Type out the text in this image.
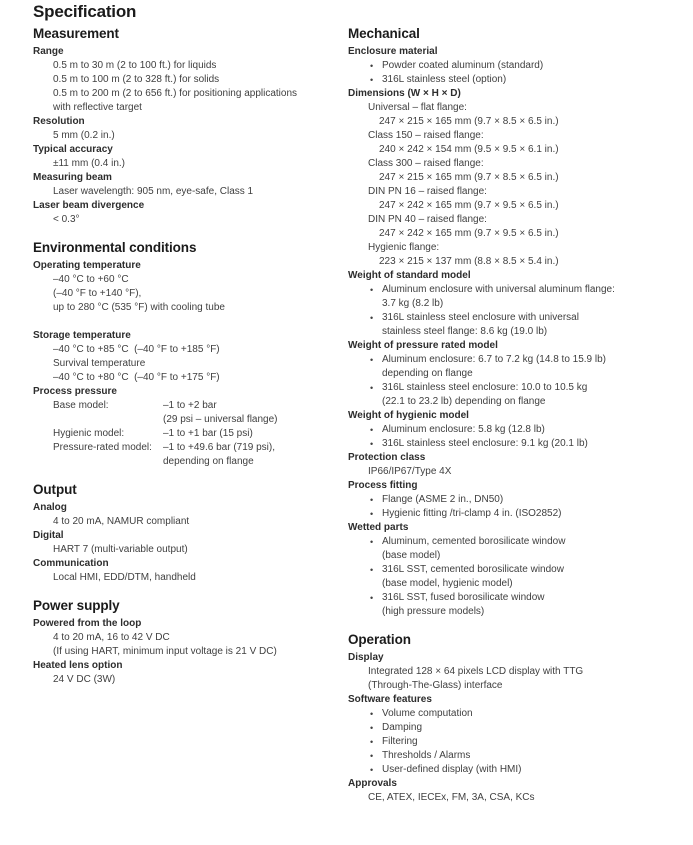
Specification
Measurement
Range
0.5 m to 30 m (2 to 100 ft.) for liquids
0.5 m to 100 m (2 to 328 ft.) for solids
0.5 m to 200 m (2 to 656 ft.) for positioning applications
with reflective target
Resolution
5 mm (0.2 in.)
Typical accuracy
±11 mm (0.4 in.)
Measuring beam
Laser wavelength: 905 nm, eye-safe, Class 1
Laser beam divergence
< 0.3°
Environmental conditions
Operating temperature
–40 °C to +60 °C
(–40 °F to +140 °F),
up to 280 °C (535 °F) with cooling tube
Storage temperature
–40 °C to +85 °C  (–40 °F to +185 °F)
Survival temperature
–40 °C to +80 °C  (–40 °F to +175 °F)
Process pressure
Base model:	–1 to +2 bar
(29 psi – universal flange)
Hygienic model:	–1 to +1 bar (15 psi)
Pressure-rated model:	–1 to +49.6 bar (719 psi),
depending on flange
Output
Analog
4 to 20 mA, NAMUR compliant
Digital
HART 7 (multi-variable output)
Communication
Local HMI, EDD/DTM, handheld
Power supply
Powered from the loop
4 to 20 mA, 16 to 42 V DC
(If using HART, minimum input voltage is 21 V DC)
Heated lens option
24 V DC (3W)
Mechanical
Enclosure material
• Powder coated aluminum (standard)
• 316L stainless steel (option)
Dimensions (W × H × D)
Universal – flat flange:
247 × 215 × 165 mm (9.7 × 8.5 × 6.5 in.)
Class 150 – raised flange:
240 × 242 × 154 mm (9.5 × 9.5 × 6.1 in.)
Class 300 – raised flange:
247 × 215 × 165 mm (9.7 × 8.5 × 6.5 in.)
DIN PN 16 – raised flange:
247 × 242 × 165 mm (9.7 × 9.5 × 6.5 in.)
DIN PN 40 – raised flange:
247 × 242 × 165 mm (9.7 × 9.5 × 6.5 in.)
Hygienic flange:
223 × 215 × 137 mm (8.8 × 8.5 × 5.4 in.)
Weight of standard model
• Aluminum enclosure with universal aluminum flange:
3.7 kg (8.2 lb)
• 316L stainless steel enclosure with universal
stainless steel flange: 8.6 kg (19.0 lb)
Weight of pressure rated model
• Aluminum enclosure: 6.7 to 7.2 kg (14.8 to 15.9 lb)
depending on flange
• 316L stainless steel enclosure: 10.0 to 10.5 kg
(22.1 to 23.2 lb) depending on flange
Weight of hygienic model
• Aluminum enclosure: 5.8 kg (12.8 lb)
• 316L stainless steel enclosure: 9.1 kg (20.1 lb)
Protection class
IP66/IP67/Type 4X
Process fitting
• Flange (ASME 2 in., DN50)
• Hygienic fitting /tri-clamp 4 in. (ISO2852)
Wetted parts
• Aluminum, cemented borosilicate window
(base model)
• 316L SST, cemented borosilicate window
(base model, hygienic model)
• 316L SST, fused borosilicate window
(high pressure models)
Operation
Display
Integrated 128 × 64 pixels LCD display with TTG
(Through-The-Glass) interface
Software features
• Volume computation
• Damping
• Filtering
• Thresholds / Alarms
• User-defined display (with HMI)
Approvals
CE, ATEX, IECEx, FM, 3A, CSA, KCs
